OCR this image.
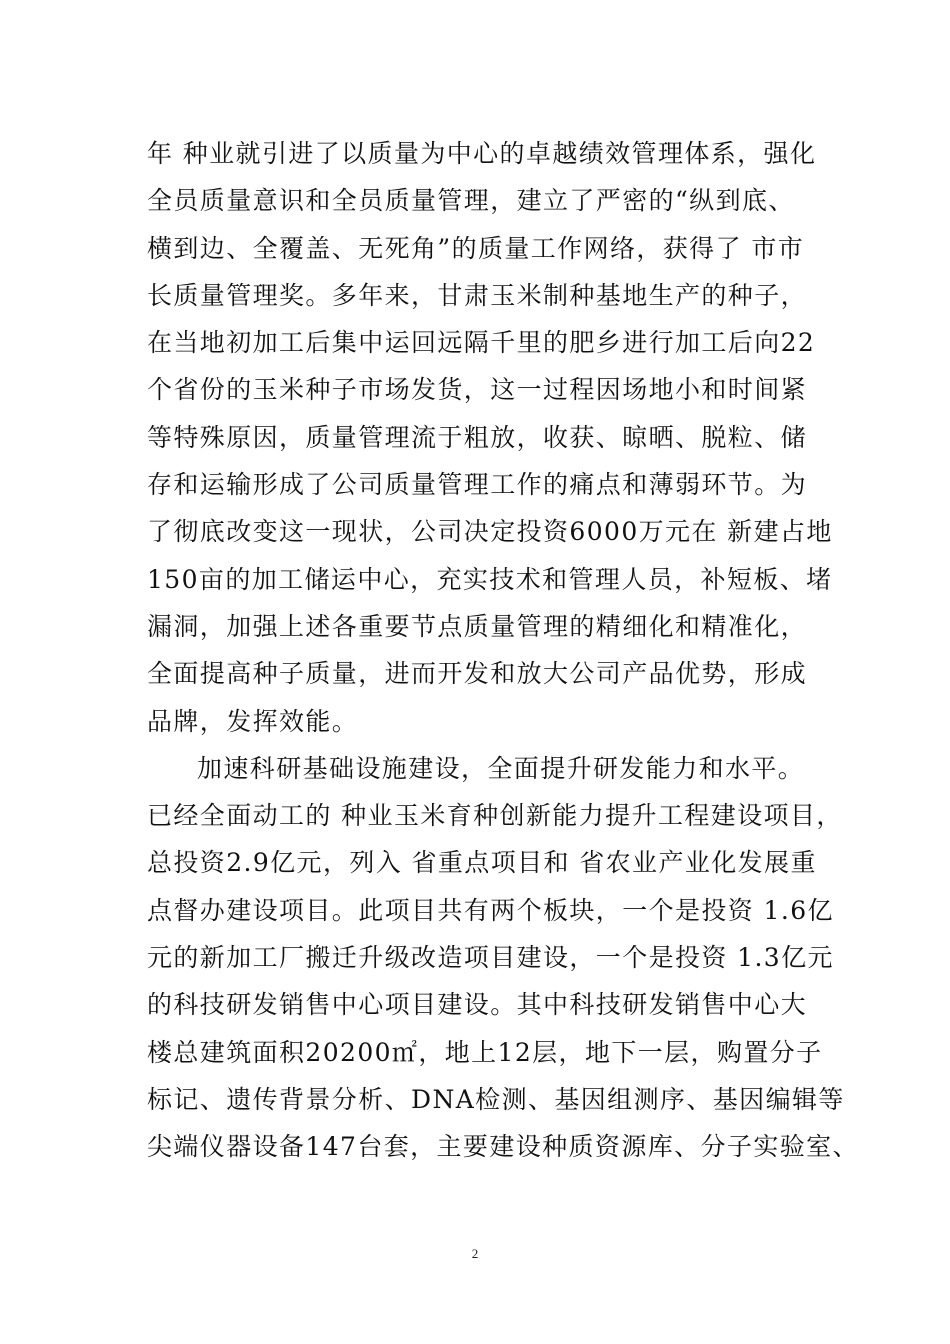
年 种业就引进了以质量为中心的卓越绩效管理体系，强化
全员质量意识和全员质量管理，建立了严密的“纵到底、
横到边、全覆盖、无死角”的质量工作网络，获得了 市市
长质量管理奖。多年来，甘肃玉米制种基地生产的种子，
在当地初加工后集中运回远隔千里的肥乡进行加工后向22
个省份的玉米种子市场发货，这一过程因场地小和时间紧
等特殊原因，质量管理流于粗放，收获、晾晒、脱粒、储
存和运输形成了公司质量管理工作的痛点和薄弱环节。为
了彻底改变这一现状，公司决定投资6000万元在 新建占地
150亩的加工储运中心，充实技术和管理人员，补短板、堵
漏洞，加强上述各重要节点质量管理的精细化和精准化，
全面提高种子质量，进而开发和放大公司产品优势，形成
品牌，发挥效能。
加速科研基础设施建设，全面提升研发能力和水平。
已经全面动工的 种业玉米育种创新能力提升工程建设项目，
总投资2.9亿元，列入 省重点项目和 省农业产业化发展重
点督办建设项目。此项目共有两个板块，一个是投资 1.6亿
元的新加工厂搬迁升级改造项目建设，一个是投资 1.3亿元
的科技研发销售中心项目建设。其中科技研发销售中心大
楼总建筑面积20200㎡，地上12层，地下一层，购置分子
标记、遗传背景分析、DNA检测、基因组测序、基因编辑等
尖端仪器设备147台套，主要建设种质资源库、分子实验室、
2
